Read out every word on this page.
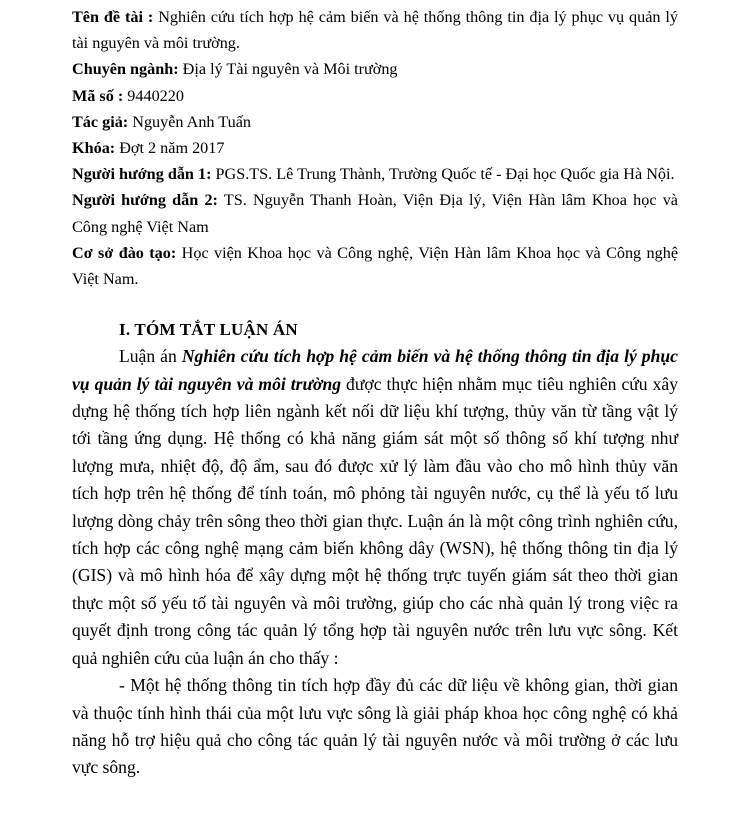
Tên đề tài : Nghiên cứu tích hợp hệ cảm biến và hệ thống thông tin địa lý phục vụ quản lý tài nguyên và môi trường.

Chuyên ngành: Địa lý Tài nguyên và Môi trường

Mã số : 9440220

Tác giả: Nguyễn Anh Tuấn

Khóa: Đợt 2 năm 2017

Người hướng dẫn 1: PGS.TS. Lê Trung Thành, Trường Quốc tế - Đại học Quốc gia Hà Nội.

Người hướng dẫn 2: TS. Nguyễn Thanh Hoàn, Viện Địa lý, Viện Hàn lâm Khoa học và Công nghệ Việt Nam

Cơ sở đào tạo: Học viện Khoa học và Công nghệ, Viện Hàn lâm Khoa học và Công nghệ Việt Nam.

I. TÓM TẮT LUẬN ÁN

Luận án Nghiên cứu tích hợp hệ cảm biến và hệ thống thông tin địa lý phục vụ quản lý tài nguyên và môi trường được thực hiện nhằm mục tiêu nghiên cứu xây dựng hệ thống tích hợp liên ngành kết nối dữ liệu khí tượng, thủy văn từ tầng vật lý tới tầng ứng dụng. Hệ thống có khả năng giám sát một số thông số khí tượng như lượng mưa, nhiệt độ, độ ẩm, sau đó được xử lý làm đầu vào cho mô hình thủy văn tích hợp trên hệ thống để tính toán, mô phỏng tài nguyên nước, cụ thể là yếu tố lưu lượng dòng chảy trên sông theo thời gian thực. Luận án là một công trình nghiên cứu, tích hợp các công nghệ mạng cảm biến không dây (WSN), hệ thống thông tin địa lý (GIS) và mô hình hóa để xây dựng một hệ thống trực tuyến giám sát theo thời gian thực một số yếu tố tài nguyên và môi trường, giúp cho các nhà quản lý trong việc ra quyết định trong công tác quản lý tổng hợp tài nguyên nước trên lưu vực sông. Kết quả nghiên cứu của luận án cho thấy :

- Một hệ thống thông tin tích hợp đầy đủ các dữ liệu về không gian, thời gian và thuộc tính hình thái của một lưu vực sông là giải pháp khoa học công nghệ có khả năng hỗ trợ hiệu quả cho công tác quản lý tài nguyên nước và môi trường ở các lưu vực sông.
